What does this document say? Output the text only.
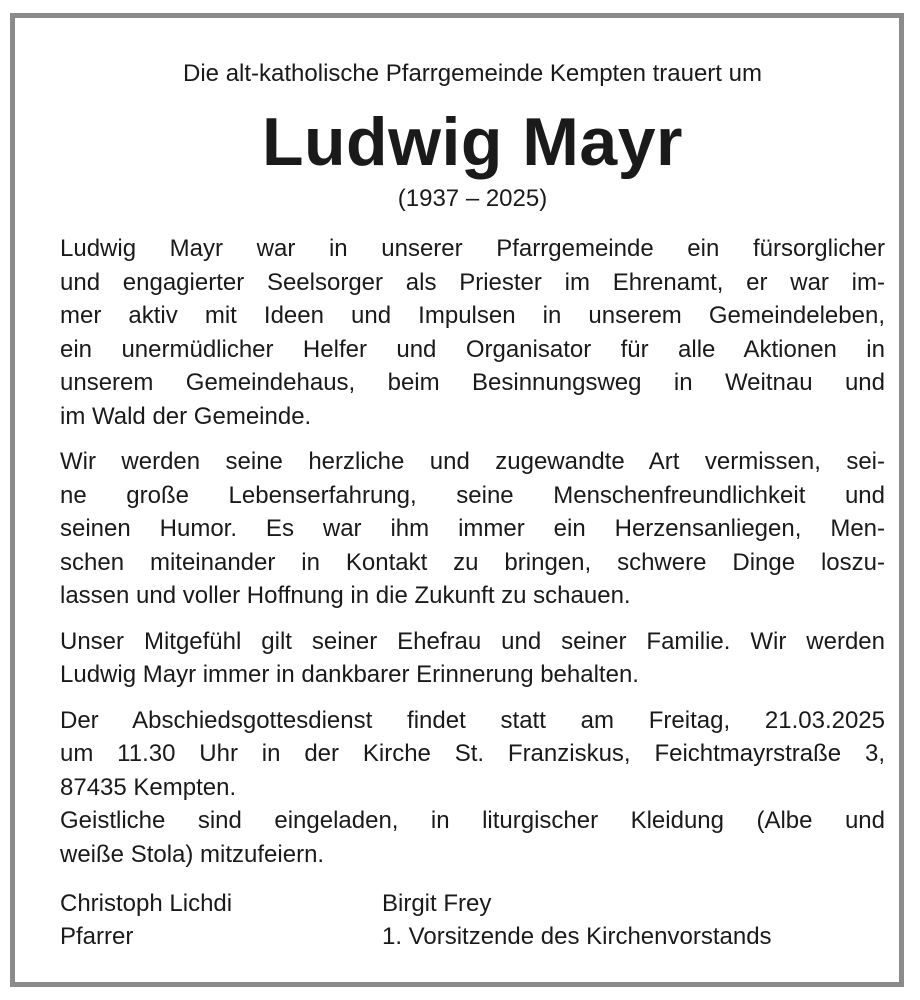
Die alt-katholische Pfarrgemeinde Kempten trauert um

Ludwig Mayr

(1937 – 2025)

Ludwig Mayr war in unserer Pfarrgemeinde ein fürsorglicher
und engagierter Seelsorger als Priester im Ehrenamt, er war im-
mer aktiv mit Ideen und Impulsen in unserem Gemeindeleben,
ein unermüdlicher Helfer und Organisator für alle Aktionen in
unserem Gemeindehaus, beim Besinnungsweg in Weitnau und
im Wald der Gemeinde.

Wir werden seine herzliche und zugewandte Art vermissen, sei-
ne große Lebenserfahrung, seine Menschenfreundlichkeit und
seinen Humor. Es war ihm immer ein Herzensanliegen, Men-
schen miteinander in Kontakt zu bringen, schwere Dinge loszu-
lassen und voller Hoffnung in die Zukunft zu schauen.

Unser Mitgefühl gilt seiner Ehefrau und seiner Familie. Wir werden
Ludwig Mayr immer in dankbarer Erinnerung behalten.

Der Abschiedsgottesdienst findet statt am Freitag, 21.03.2025
um 11.30 Uhr in der Kirche St. Franziskus, Feichtmayrstraße 3,
87435 Kempten.

Geistliche sind eingeladen, in liturgischer Kleidung (Albe und
weiße Stola) mitzufeiern.

Christoph Lichdi
Pfarrer
Birgit Frey
1. Vorsitzende des Kirchenvorstands
